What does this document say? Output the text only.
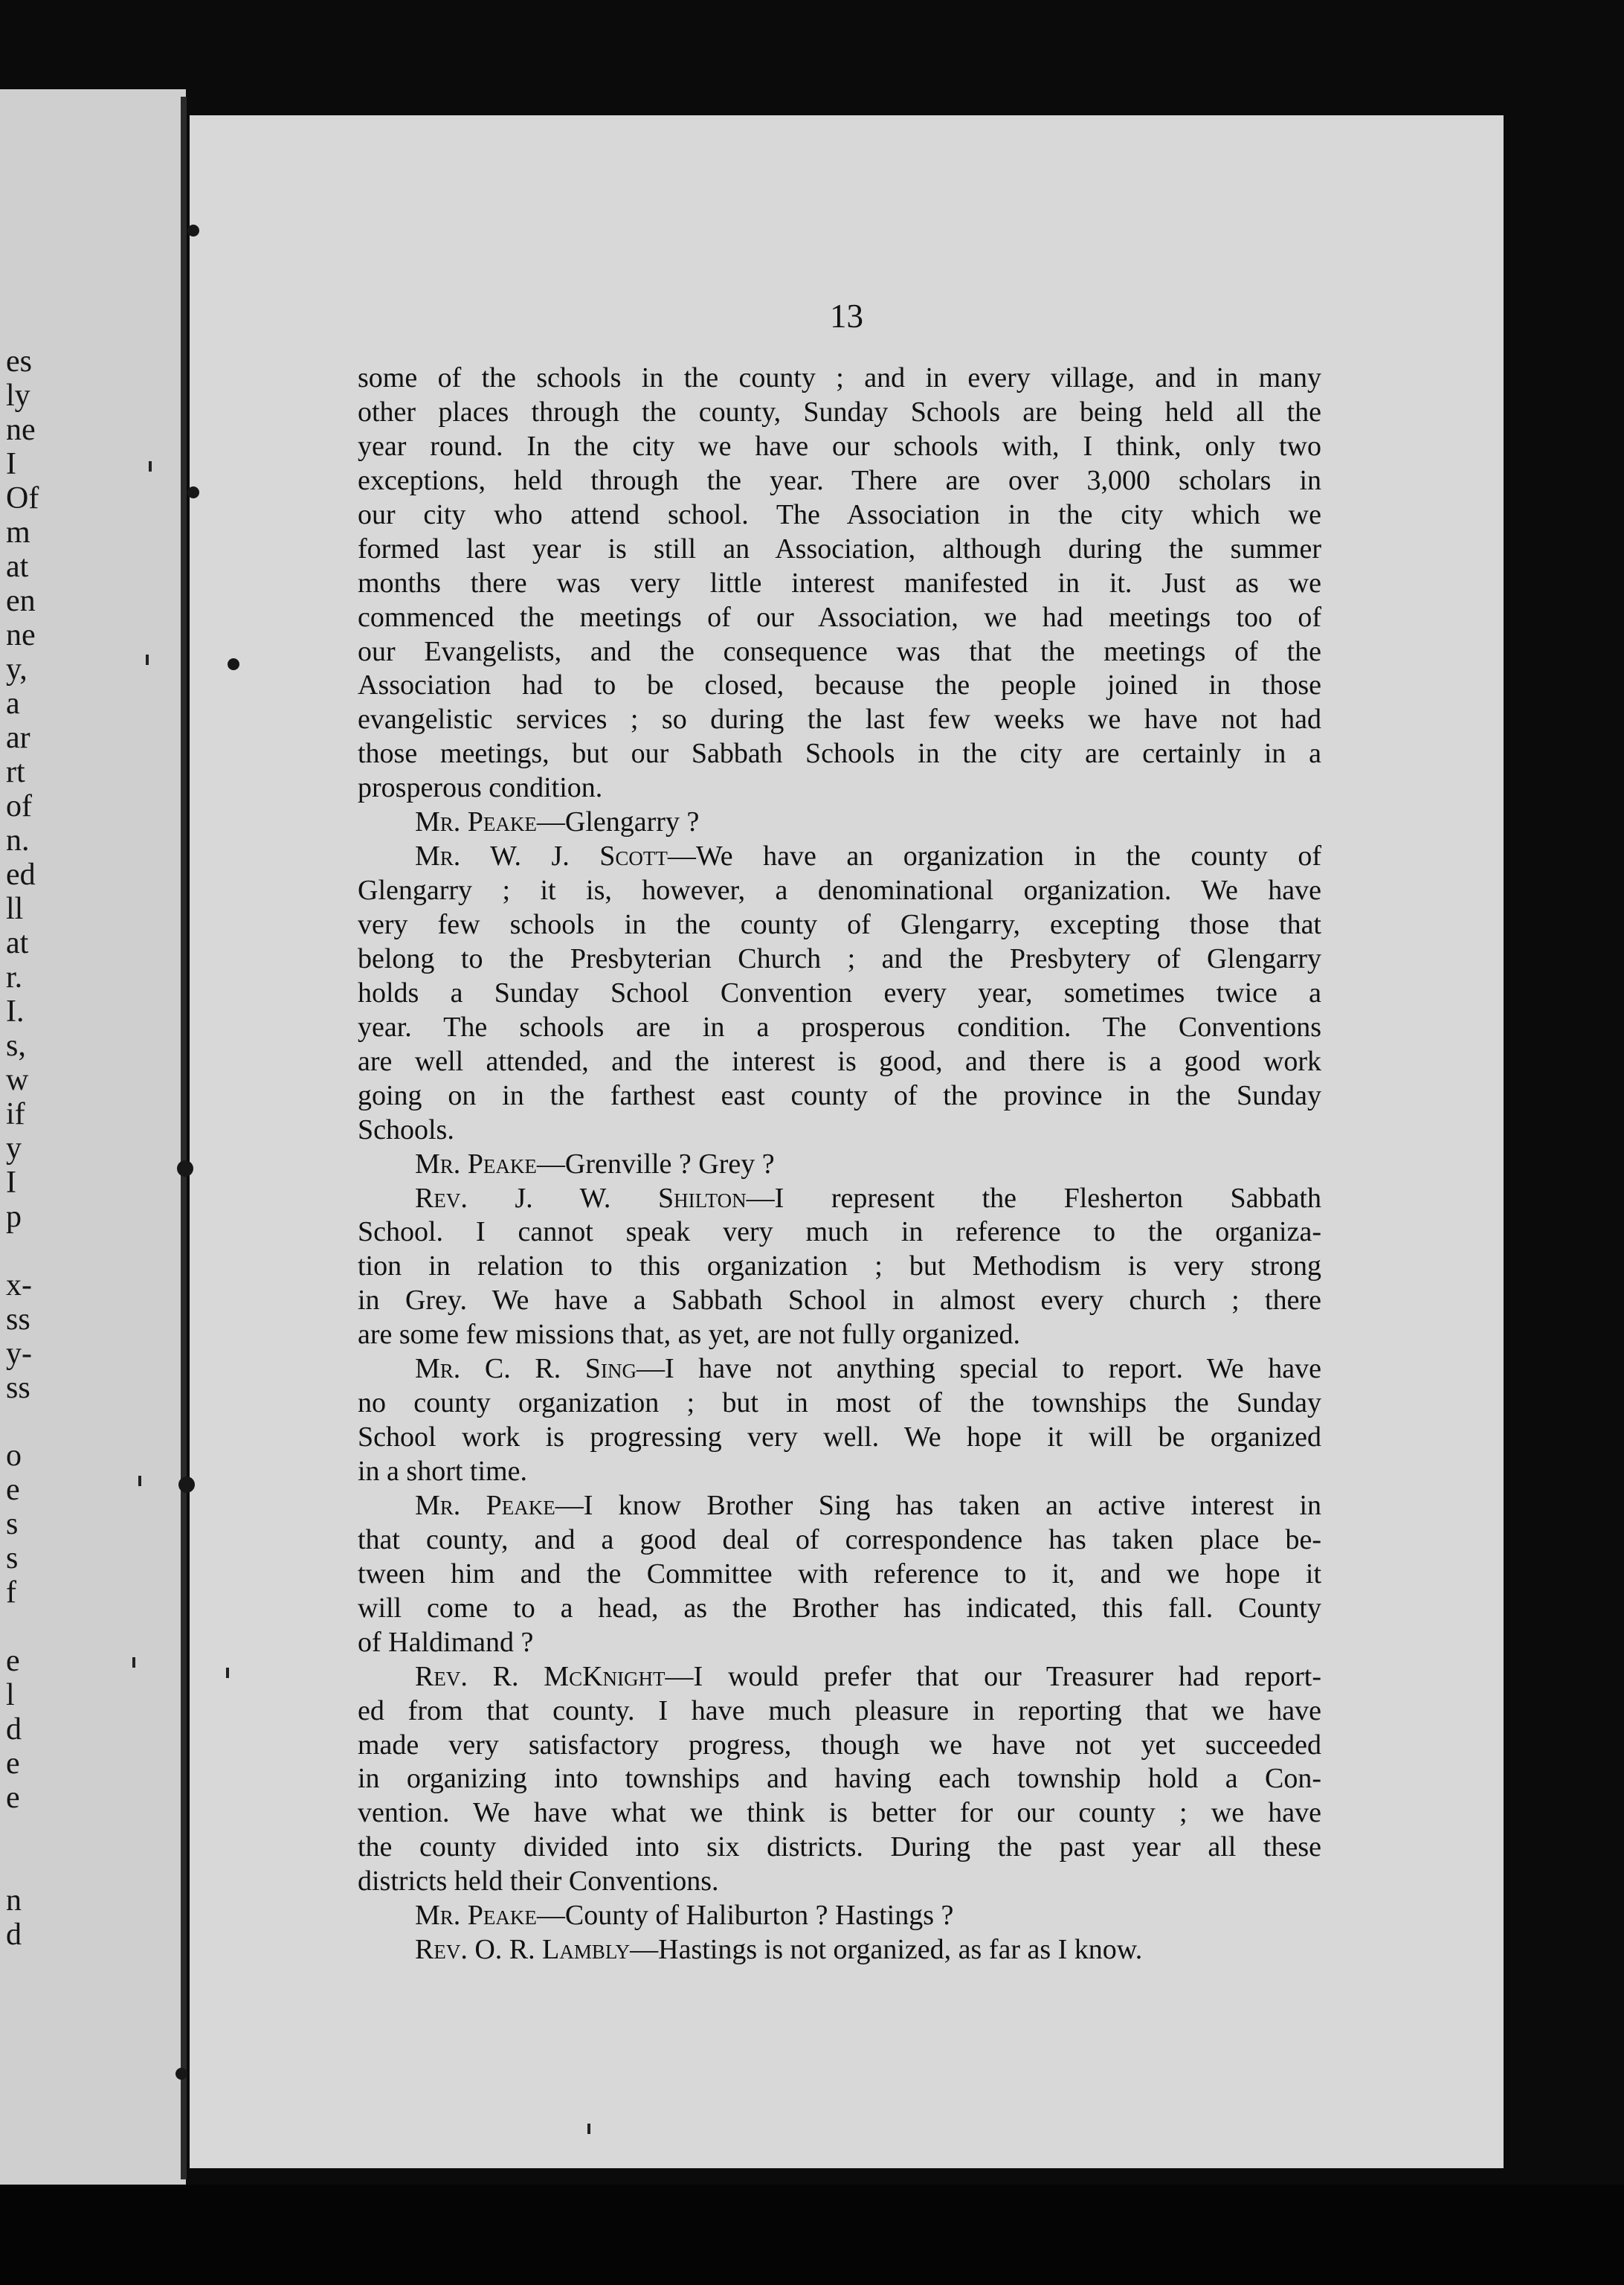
es
ly
ne
I
Of
m
at
en
ne
y,
a
ar
rt
of
n.
ed
ll
at
r.
I.
s,
w
if
y
I
p
x-
ss
y-
ss
o
e
s
s
f
e
l
d
e
e
n
d
13
some of the schools in the county ; and in every village, and in many
other places through the county, Sunday Schools are being held all the
year round. In the city we have our schools with, I think, only two
exceptions, held through the year. There are over 3,000 scholars in
our city who attend school. The Association in the city which we
formed last year is still an Association, although during the summer
months there was very little interest manifested in it. Just as we
commenced the meetings of our Association, we had meetings too of
our Evangelists, and the consequence was that the meetings of the
Association had to be closed, because the people joined in those
evangelistic services ; so during the last few weeks we have not had
those meetings, but our Sabbath Schools in the city are certainly in a
prosperous condition.
Mr. Peake—Glengarry ?
Mr. W. J. Scott—We have an organization in the county of
Glengarry ; it is, however, a denominational organization. We have
very few schools in the county of Glengarry, excepting those that
belong to the Presbyterian Church ; and the Presbytery of Glengarry
holds a Sunday School Convention every year, sometimes twice a
year. The schools are in a prosperous condition. The Conventions
are well attended, and the interest is good, and there is a good work
going on in the farthest east county of the province in the Sunday
Schools.
Mr. Peake—Grenville ? Grey ?
Rev. J. W. Shilton—I represent the Flesherton Sabbath
School. I cannot speak very much in reference to the organiza-
tion in relation to this organization ; but Methodism is very strong
in Grey. We have a Sabbath School in almost every church ; there
are some few missions that, as yet, are not fully organized.
Mr. C. R. Sing—I have not anything special to report. We have
no county organization ; but in most of the townships the Sunday
School work is progressing very well. We hope it will be organized
in a short time.
Mr. Peake—I know Brother Sing has taken an active interest in
that county, and a good deal of correspondence has taken place be-
tween him and the Committee with reference to it, and we hope it
will come to a head, as the Brother has indicated, this fall. County
of Haldimand ?
Rev. R. McKnight—I would prefer that our Treasurer had report-
ed from that county. I have much pleasure in reporting that we have
made very satisfactory progress, though we have not yet succeeded
in organizing into townships and having each township hold a Con-
vention. We have what we think is better for our county ; we have
the county divided into six districts. During the past year all these
districts held their Conventions.
Mr. Peake—County of Haliburton ? Hastings ?
Rev. O. R. Lambly—Hastings is not organized, as far as I know.
